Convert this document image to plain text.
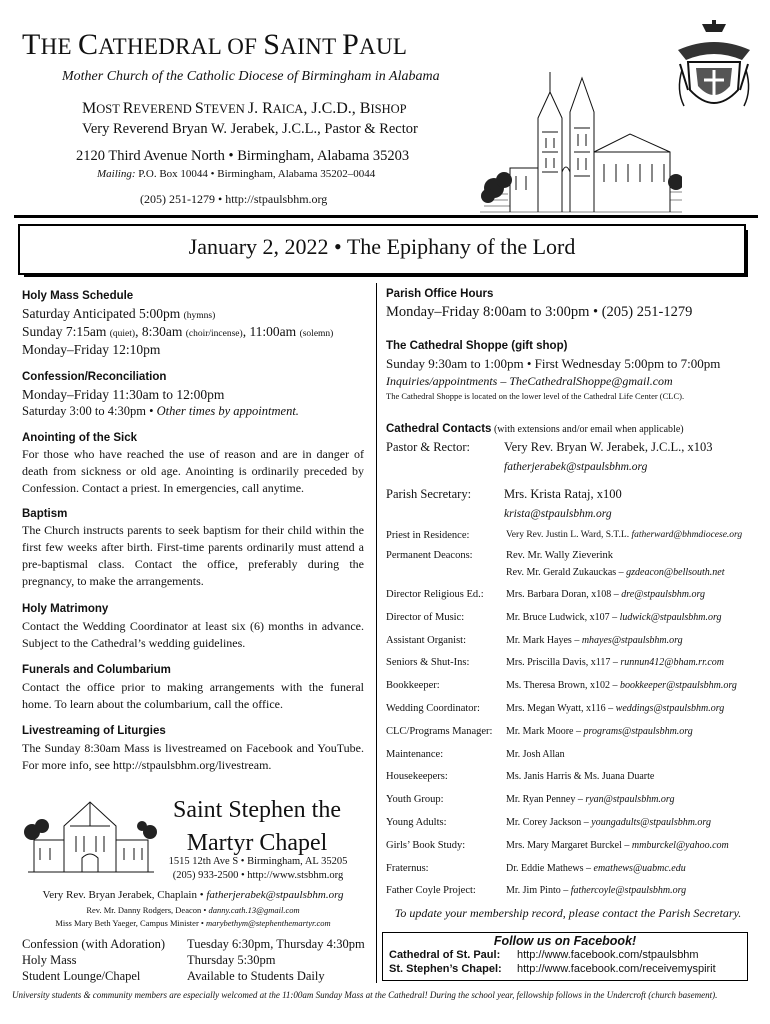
THE CATHEDRAL OF SAINT PAUL
Mother Church of the Catholic Diocese of Birmingham in Alabama
MOST REVEREND STEVEN J. RAICA, J.C.D., BISHOP
Very Reverend Bryan W. Jerabek, J.C.L., Pastor & Rector
2120 Third Avenue North • Birmingham, Alabama 35203
Mailing: P.O. Box 10044 • Birmingham, Alabama 35202–0044
(205) 251-1279 • http://stpaulsbhm.org
January 2, 2022 • The Epiphany of the Lord
Holy Mass Schedule
Saturday Anticipated 5:00pm (hymns)
Sunday 7:15am (quiet), 8:30am (choir/incense), 11:00am (solemn)
Monday–Friday 12:10pm
Confession/Reconciliation
Monday–Friday 11:30am to 12:00pm
Saturday 3:00 to 4:30pm • Other times by appointment.
Anointing of the Sick
For those who have reached the use of reason and are in danger of death from sickness or old age. Anointing is ordinarily preceded by Confession. Contact a priest. In emergencies, call anytime.
Baptism
The Church instructs parents to seek baptism for their child within the first few weeks after birth. First-time parents ordinarily must attend a pre-baptismal class. Contact the office, preferably during the pregnancy, to make the arrangements.
Holy Matrimony
Contact the Wedding Coordinator at least six (6) months in advance. Subject to the Cathedral’s wedding guidelines.
Funerals and Columbarium
Contact the office prior to making arrangements with the funeral home. To learn about the columbarium, call the office.
Livestreaming of Liturgies
The Sunday 8:30am Mass is livestreamed on Facebook and YouTube. For more info, see http://stpaulsbhm.org/livestream.
Saint Stephen the
Martyr Chapel
1515 12th Ave S • Birmingham, AL 35205
(205) 933-2500 • http://www.stsbhm.org
Very Rev. Bryan Jerabek, Chaplain • fatherjerabek@stpaulsbhm.org
Rev. Mr. Danny Rodgers, Deacon • danny.cath.13@gmail.com
Miss Mary Beth Yaeger, Campus Minister • marybethym@stephenthemartyr.com
Confession (with Adoration) Tuesday 6:30pm, Thursday 4:30pm
Holy Mass	Thursday 5:30pm
Student Lounge/Chapel	Available to Students Daily
Parish Office Hours
Monday–Friday 8:00am to 3:00pm • (205) 251-1279
The Cathedral Shoppe (gift shop)
Sunday 9:30am to 1:00pm • First Wednesday 5:00pm to 7:00pm
Inquiries/appointments – TheCathedralShoppe@gmail.com
The Cathedral Shoppe is located on the lower level of the Cathedral Life Center (CLC).
Cathedral Contacts (with extensions and/or email when applicable)
Pastor & Rector:	Very Rev. Bryan W. Jerabek, J.C.L., x103
fatherjerabek@stpaulsbhm.org
Parish Secretary:	Mrs. Krista Rataj, x100
krista@stpaulsbhm.org
Priest in Residence:	Very Rev. Justin L. Ward, S.T.L. fatherward@bhmdiocese.org
Permanent Deacons:	Rev. Mr. Wally Zieverink
Rev. Mr. Gerald Zukauckas – gzdeacon@bellsouth.net
Director Religious Ed.: Mrs. Barbara Doran, x108 – dre@stpaulsbhm.org
Director of Music:	Mr. Bruce Ludwick, x107 – ludwick@stpaulsbhm.org
Assistant Organist:	Mr. Mark Hayes – mhayes@stpaulsbhm.org
Seniors & Shut-Ins:	Mrs. Priscilla Davis, x117 – runnun412@bham.rr.com
Bookkeeper:	Ms. Theresa Brown, x102 – bookkeeper@stpaulsbhm.org
Wedding Coordinator:	Mrs. Megan Wyatt, x116 – weddings@stpaulsbhm.org
CLC/Programs Manager: Mr. Mark Moore – programs@stpaulsbhm.org
Maintenance:	Mr. Josh Allan
Housekeepers:	Ms. Janis Harris & Ms. Juana Duarte
Youth Group:	Mr. Ryan Penney – ryan@stpaulsbhm.org
Young Adults:	Mr. Corey Jackson – youngadults@stpaulsbhm.org
Girls’ Book Study:	Mrs. Mary Margaret Burckel – mmburckel@yahoo.com
Fraternus:	Dr. Eddie Mathews – emathews@uabmc.edu
Father Coyle Project:	Mr. Jim Pinto – fathercoyle@stpaulsbhm.org
To update your membership record, please contact the Parish Secretary.
Follow us on Facebook!
Cathedral of St. Paul: http://www.facebook.com/stpaulsbhm
St. Stephen’s Chapel: http://www.facebook.com/receivemyspirit
University students & community members are especially welcomed at the 11:00am Sunday Mass at the Cathedral! During the school year, fellowship follows in the Undercroft (church basement).
